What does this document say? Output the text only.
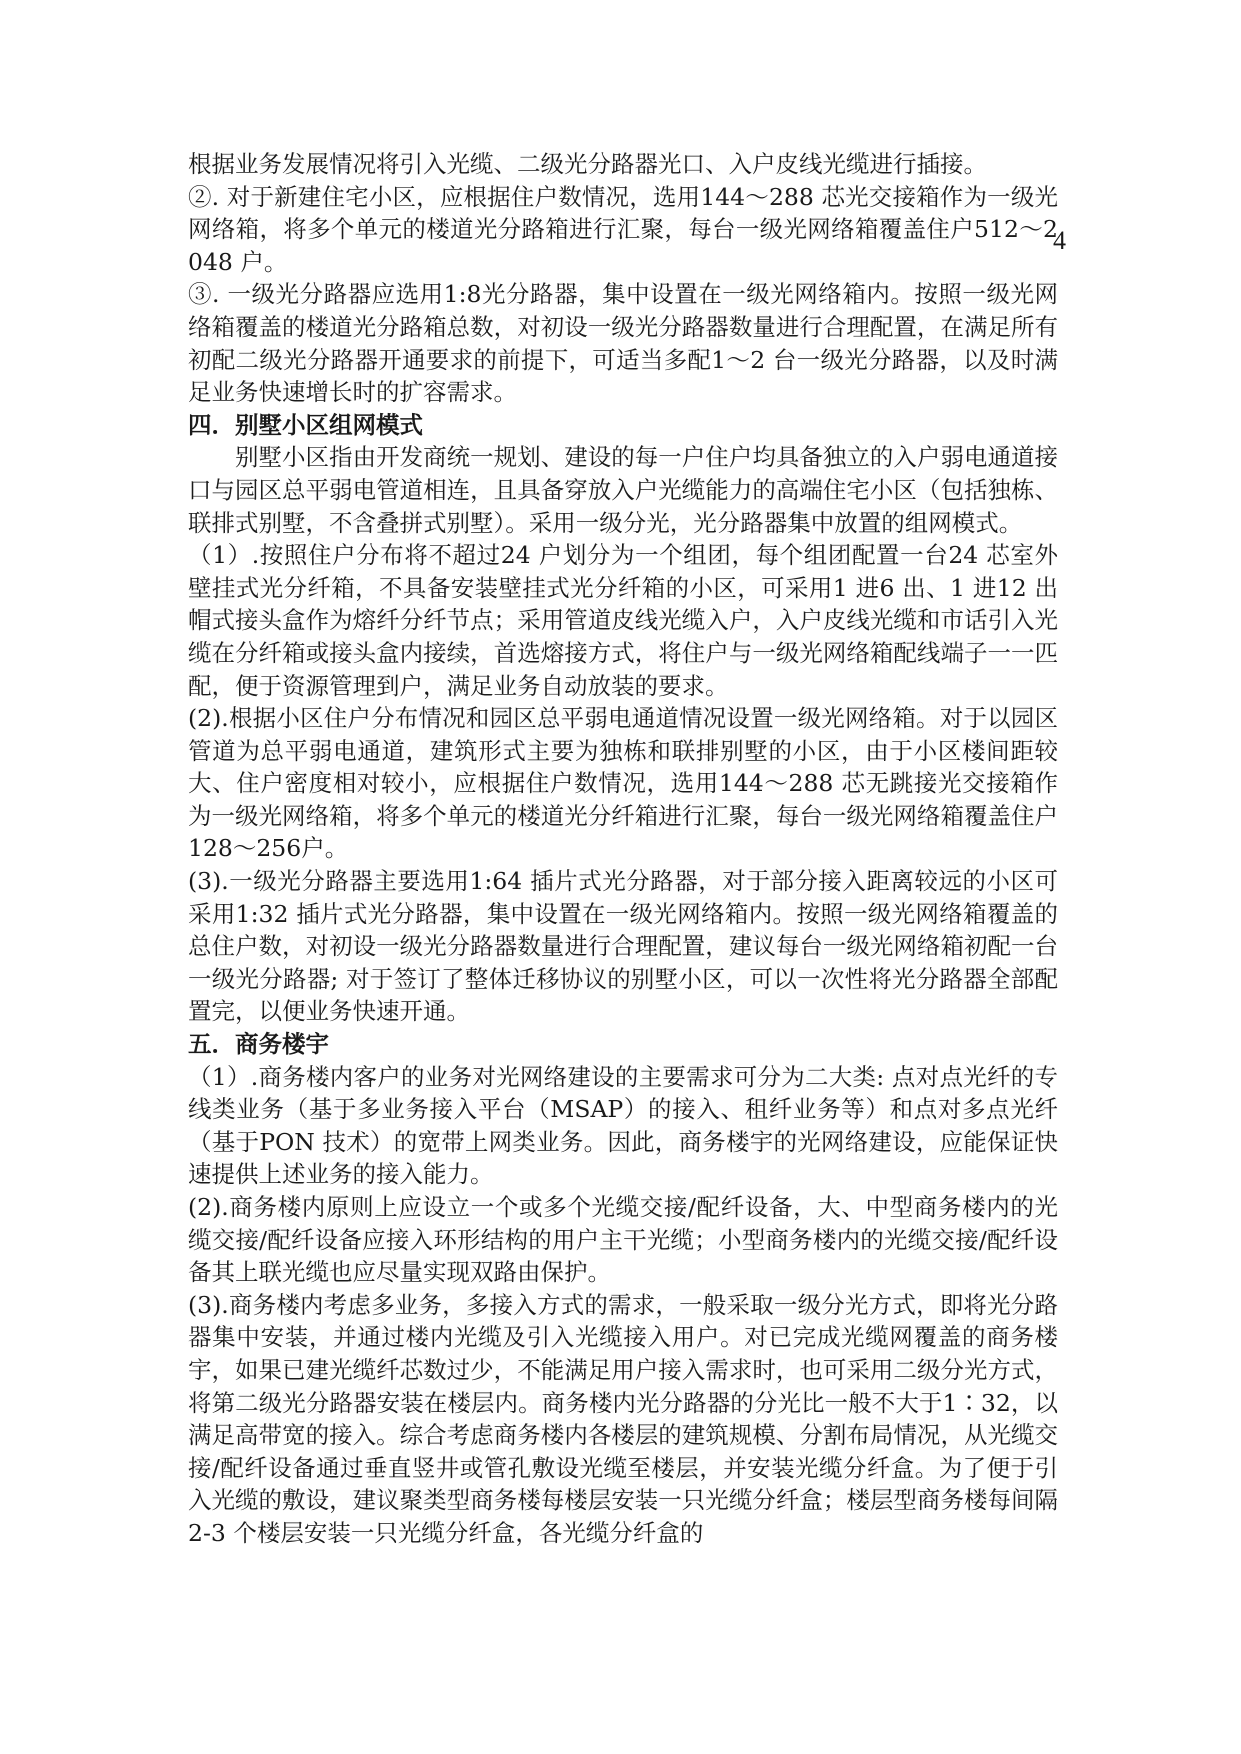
4

根据业务发展情况将引入光缆、二级光分路器光口、入户皮线光缆进行插接。

②. 对于新建住宅小区，应根据住户数情况，选用144～288 芯光交接箱作为一级光网络箱，将多个单元的楼道光分路箱进行汇聚，每台一级光网络箱覆盖住户512～2048 户。

③. 一级光分路器应选用1:8光分路器，集中设置在一级光网络箱内。按照一级光网络箱覆盖的楼道光分路箱总数，对初设一级光分路器数量进行合理配置，在满足所有初配二级光分路器开通要求的前提下，可适当多配1～2 台一级光分路器，以及时满足业务快速增长时的扩容需求。

四．别墅小区组网模式

别墅小区指由开发商统一规划、建设的每一户住户均具备独立的入户弱电通道接口与园区总平弱电管道相连，且具备穿放入户光缆能力的高端住宅小区（包括独栋、联排式别墅，不含叠拼式别墅）。采用一级分光，光分路器集中放置的组网模式。

（1）.按照住户分布将不超过24 户划分为一个组团，每个组团配置一台24 芯室外壁挂式光分纤箱，不具备安装壁挂式光分纤箱的小区，可采用1 进6 出、1 进12 出帽式接头盒作为熔纤分纤节点；采用管道皮线光缆入户，入户皮线光缆和市话引入光缆在分纤箱或接头盒内接续，首选熔接方式，将住户与一级光网络箱配线端子一一匹配，便于资源管理到户，满足业务自动放装的要求。

(2).根据小区住户分布情况和园区总平弱电通道情况设置一级光网络箱。对于以园区管道为总平弱电通道，建筑形式主要为独栋和联排别墅的小区，由于小区楼间距较大、住户密度相对较小，应根据住户数情况，选用144～288 芯无跳接光交接箱作为一级光网络箱，将多个单元的楼道光分纤箱进行汇聚，每台一级光网络箱覆盖住户128～256户。

(3).一级光分路器主要选用1:64 插片式光分路器，对于部分接入距离较远的小区可采用1:32 插片式光分路器，集中设置在一级光网络箱内。按照一级光网络箱覆盖的总住户数，对初设一级光分路器数量进行合理配置，建议每台一级光网络箱初配一台一级光分路器; 对于签订了整体迁移协议的别墅小区，可以一次性将光分路器全部配置完，以便业务快速开通。

五．商务楼宇

（1）.商务楼内客户的业务对光网络建设的主要需求可分为二大类: 点对点光纤的专线类业务（基于多业务接入平台（MSAP）的接入、租纤业务等）和点对多点光纤（基于PON 技术）的宽带上网类业务。因此，商务楼宇的光网络建设，应能保证快速提供上述业务的接入能力。

(2).商务楼内原则上应设立一个或多个光缆交接/配纤设备，大、中型商务楼内的光缆交接/配纤设备应接入环形结构的用户主干光缆；小型商务楼内的光缆交接/配纤设备其上联光缆也应尽量实现双路由保护。

(3).商务楼内考虑多业务，多接入方式的需求，一般采取一级分光方式，即将光分路器集中安装，并通过楼内光缆及引入光缆接入用户。对已完成光缆网覆盖的商务楼宇，如果已建光缆纤芯数过少，不能满足用户接入需求时，也可采用二级分光方式，将第二级光分路器安装在楼层内。商务楼内光分路器的分光比一般不大于1∶32，以满足高带宽的接入。综合考虑商务楼内各楼层的建筑规模、分割布局情况，从光缆交接/配纤设备通过垂直竖井或管孔敷设光缆至楼层，并安装光缆分纤盒。为了便于引入光缆的敷设，建议聚类型商务楼每楼层安装一只光缆分纤盒；楼层型商务楼每间隔2-3 个楼层安装一只光缆分纤盒，各光缆分纤盒的
